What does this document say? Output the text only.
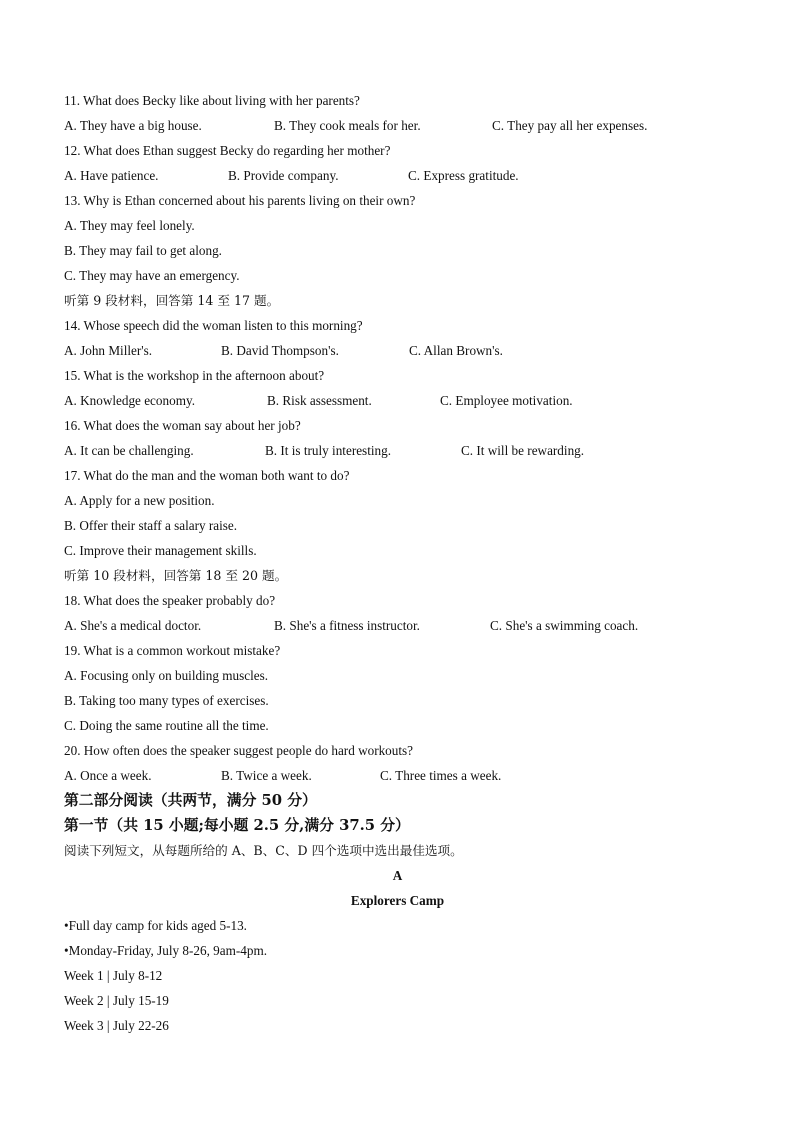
11. What does Becky like about living with her parents?
A. They have a big house.	B. They cook meals for her.	C. They pay all her expenses.
12. What does Ethan suggest Becky do regarding her mother?
A. Have patience.	B. Provide company.	C. Express gratitude.
13. Why is Ethan concerned about his parents living on their own?
A. They may feel lonely.
B. They may fail to get along.
C. They may have an emergency.
听第 9 段材料，回答第 14 至 17 题。
14. Whose speech did the woman listen to this morning?
A. John Miller's.	B. David Thompson's.	C. Allan Brown's.
15. What is the workshop in the afternoon about?
A. Knowledge economy.	B. Risk assessment.	C. Employee motivation.
16. What does the woman say about her job?
A. It can be challenging.	B. It is truly interesting.	C. It will be rewarding.
17. What do the man and the woman both want to do?
A. Apply for a new position.
B. Offer their staff a salary raise.
C. Improve their management skills.
听第 10 段材料，回答第 18 至 20 题。
18. What does the speaker probably do?
A. She's a medical doctor.	B. She's a fitness instructor.	C. She's a swimming coach.
19. What is a common workout mistake?
A. Focusing only on building muscles.
B. Taking too many types of exercises.
C. Doing the same routine all the time.
20. How often does the speaker suggest people do hard workouts?
A. Once a week.	B. Twice a week.	C. Three times a week.
第二部分阅读（共两节，满分 50 分）
第一节（共 15 小题;每小题 2.5 分,满分 37.5 分）
阅读下列短文，从每题所给的 A、B、C、D 四个选项中选出最佳选项。
A
Explorers Camp
•Full day camp for kids aged 5-13.
•Monday-Friday, July 8-26, 9am-4pm.
Week 1 | July 8-12
Week 2 | July 15-19
Week 3 | July 22-26
